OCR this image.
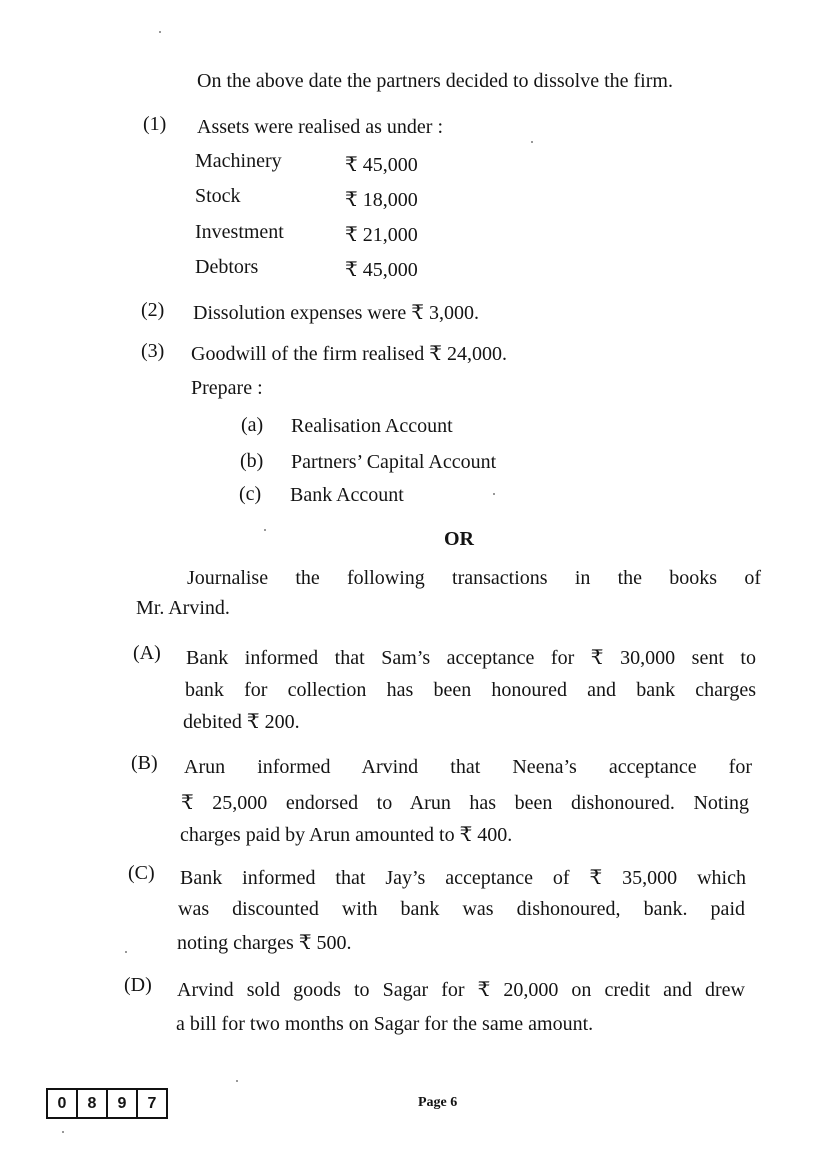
On the above date the partners decided to dissolve the firm.
(1) Assets were realised as under :
Machinery	₹ 45,000
Stock	₹ 18,000
Investment	₹ 21,000
Debtors	₹ 45,000
(2) Dissolution expenses were ₹ 3,000.
(3) Goodwill of the firm realised ₹ 24,000.
Prepare :
(a) Realisation Account
(b) Partners’ Capital Account
(c) Bank Account
OR
Journalise the following transactions in the books of
Mr. Arvind.
(A) Bank informed that Sam’s acceptance for ₹ 30,000 sent to
bank for collection has been honoured and bank charges
debited ₹ 200.
(B) Arun informed Arvind that Neena’s acceptance for
₹ 25,000 endorsed to Arun has been dishonoured. Noting
charges paid by Arun amounted to ₹ 400.
(C) Bank informed that Jay’s acceptance of ₹ 35,000 which
was discounted with bank was dishonoured, bank. paid
noting charges ₹ 500.
(D) Arvind sold goods to Sagar for ₹ 20,000 on credit and drew
a bill for two months on Sagar for the same amount.
0	8	9	7	Page 6
